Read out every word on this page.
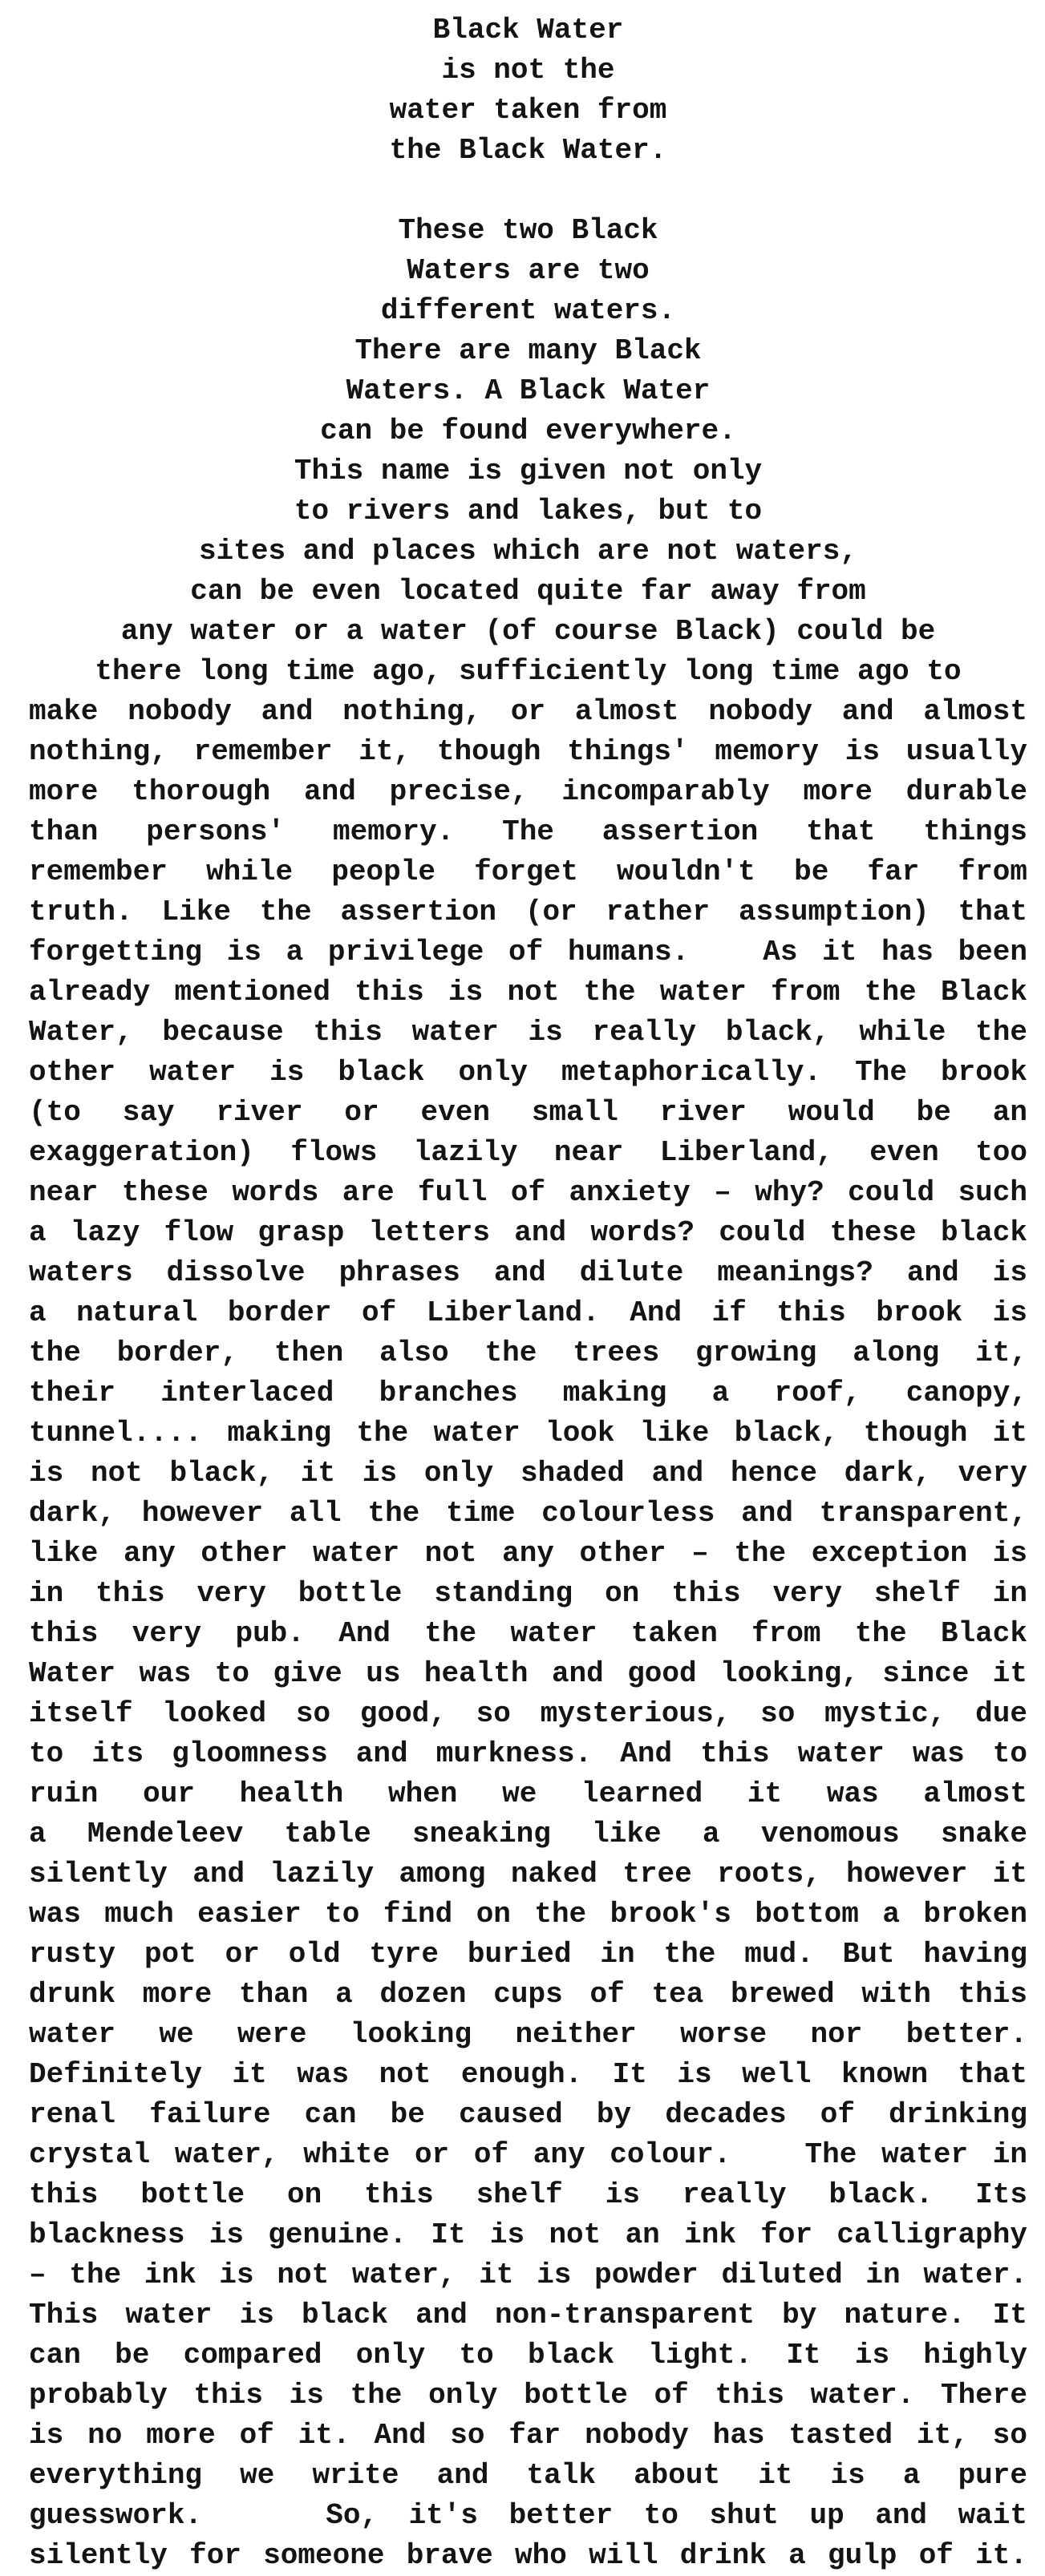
Black Water
is not the
water taken from
the Black Water.
These two Black
Waters are two
different waters.
There are many Black
Waters. A Black Water
can be found everywhere.
This name is given not only
to rivers and lakes, but to
sites and places which are not waters,
can be even located quite far away from
any water or a water (of course Black) could be
there long time ago, sufficiently long time ago to
make nobody and nothing, or almost nobody and almost
nothing, remember it, though things' memory is usually
more thorough and precise, incomparably more durable
than persons' memory. The assertion that things
remember while people forget wouldn't be far from
truth. Like the assertion (or rather assumption) that
forgetting is a privilege of humans.   As it has been
already mentioned this is not the water from the Black
Water, because this water is really black, while the
other water is black only metaphorically. The brook
(to say river or even small river would be an
exaggeration) flows lazily near Liberland, even too
near these words are full of anxiety – why? could such
a lazy flow grasp letters and words? could these black
waters dissolve phrases and dilute meanings? and is
a natural border of Liberland. And if this brook is
the border, then also the trees growing along it,
their interlaced branches making a roof, canopy,
tunnel.... making the water look like black, though it
is not black, it is only shaded and hence dark, very
dark, however all the time colourless and transparent,
like any other water not any other – the exception is
in this very bottle standing on this very shelf in
this very pub. And the water taken from the Black
Water was to give us health and good looking, since it
itself looked so good, so mysterious, so mystic, due
to its gloomness and murkness. And this water was to
ruin our health when we learned it was almost
a Mendeleev table sneaking like a venomous snake
silently and lazily among naked tree roots, however it
was much easier to find on the brook's bottom a broken
rusty pot or old tyre buried in the mud. But having
drunk more than a dozen cups of tea brewed with this
water we were looking neither worse nor better.
Definitely it was not enough. It is well known that
renal failure can be caused by decades of drinking
crystal water, white or of any colour.   The water in
this bottle on this shelf is really black. Its
blackness is genuine. It is not an ink for calligraphy
– the ink is not water, it is powder diluted in water.
This water is black and non-transparent by nature. It
can be compared only to black light. It is highly
probably this is the only bottle of this water. There
is no more of it. And so far nobody has tasted it, so
everything we write and talk about it is a pure
guesswork.    So, it's better to shut up and wait
silently for someone brave who will drink a gulp of it.
